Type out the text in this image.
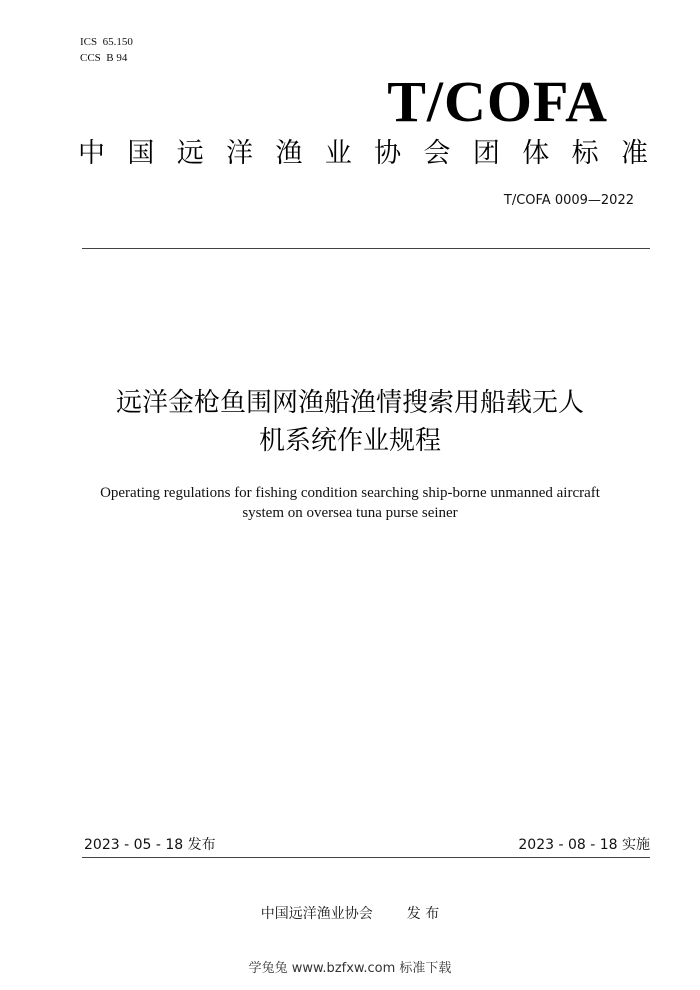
ICS  65.150
CCS  B 94
T/COFA
中 国 远 洋 渔 业 协 会 团 体 标 准
T/COFA 0009—2022
远洋金枪鱼围网渔船渔情搜索用船载无人
机系统作业规程
Operating regulations for fishing condition searching ship-borne unmanned aircraft
system on oversea tuna purse seiner
2023 - 05 - 18 发布	2023 - 08 - 18 实施
中国远洋渔业协会 发 布
学兔兔 www.bzfxw.com 标准下载
